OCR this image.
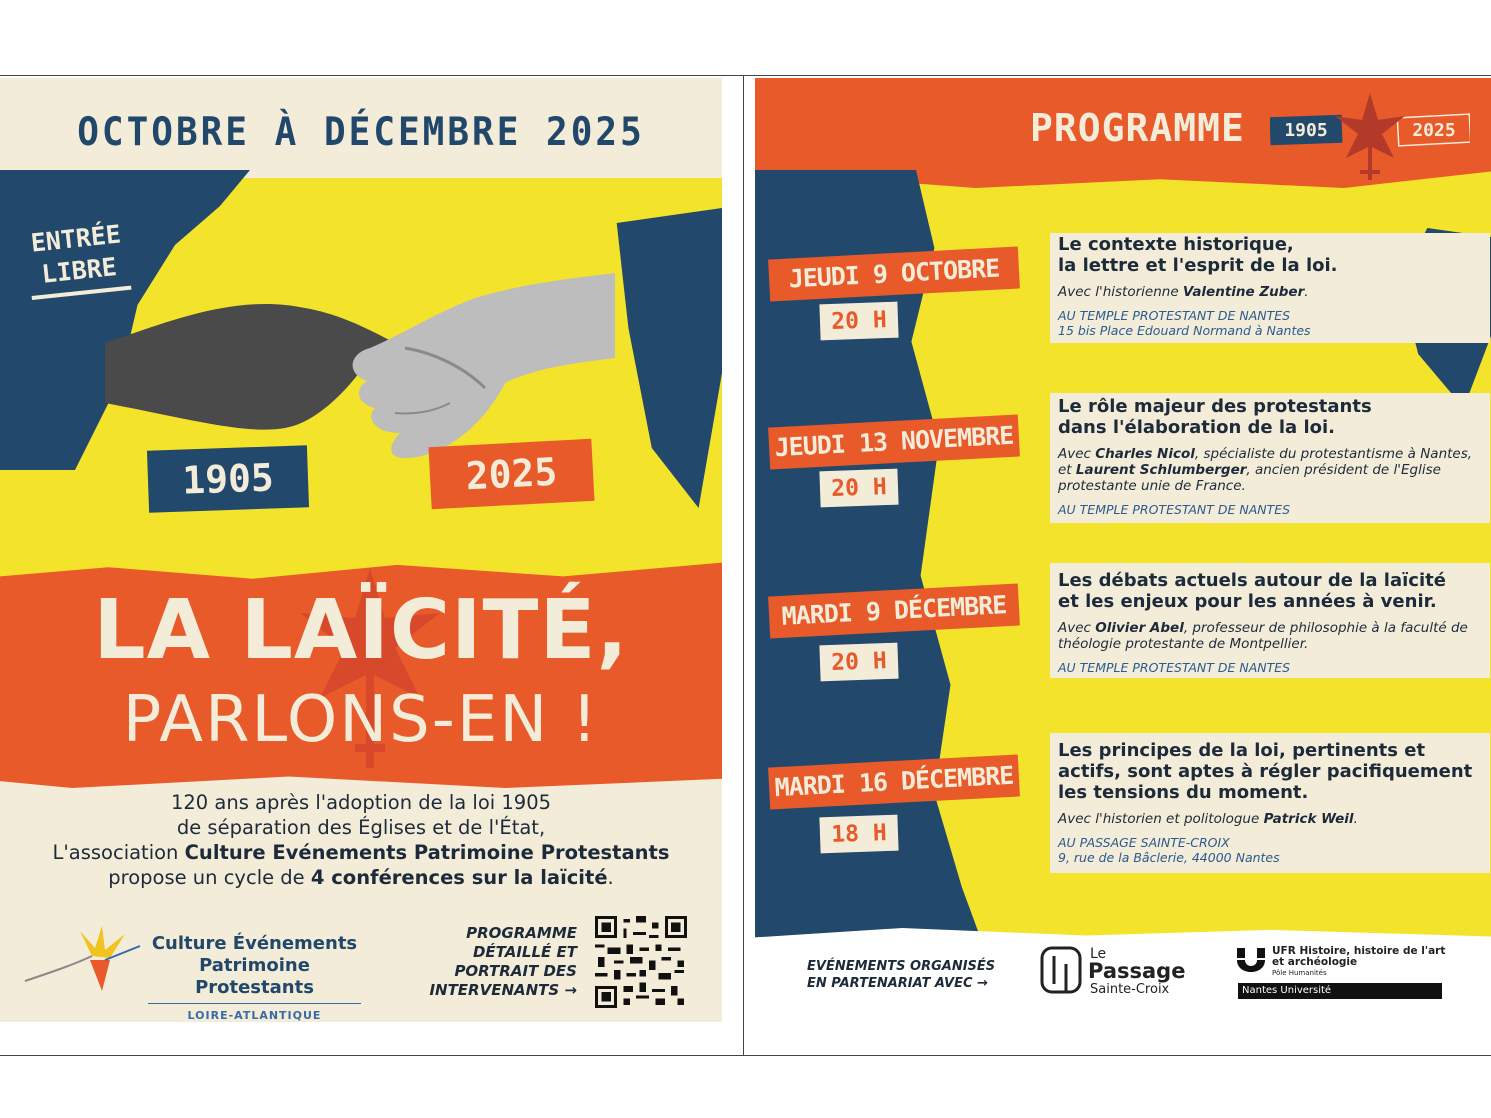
OCTOBRE À DÉCEMBRE 2025
ENTRÉE LIBRE
1905	2025
LA LAÏCITÉ,
PARLONS-EN !
120 ans après l'adoption de la loi 1905
de séparation des Églises et de l'État,
L'association Culture Evénements Patrimoine Protestants
propose un cycle de 4 conférences sur la laïcité.
Culture Événements
Patrimoine Protestants
LOIRE-ATLANTIQUE
PROGRAMME
DÉTAILLÉ ET
PORTRAIT DES
INTERVENANTS →
PROGRAMME 1905	2025
JEUDI 9 OCTOBRE
20 H
Le contexte historique,
la lettre et l'esprit de la loi.
Avec l'historienne Valentine Zuber.
AU TEMPLE PROTESTANT DE NANTES
15 bis Place Edouard Normand à Nantes
JEUDI 13 NOVEMBRE
20 H
Le rôle majeur des protestants
dans l'élaboration de la loi.
Avec Charles Nicol, spécialiste du protestantisme à Nantes, et Laurent Schlumberger, ancien président de l'Eglise protestante unie de France.
AU TEMPLE PROTESTANT DE NANTES
MARDI 9 DÉCEMBRE
20 H
Les débats actuels autour de la laïcité
et les enjeux pour les années à venir.
Avec Olivier Abel, professeur de philosophie à la faculté de théologie protestante de Montpellier.
AU TEMPLE PROTESTANT DE NANTES
MARDI 16 DÉCEMBRE
18 H
Les principes de la loi, pertinents et
actifs, sont aptes à régler pacifiquement
les tensions du moment.
Avec l'historien et politologue Patrick Weil.
AU PASSAGE SAINTE-CROIX
9, rue de la Bâclerie, 44000 Nantes
EVÉNEMENTS ORGANISÉS
EN PARTENARIAT AVEC →
Le
Passage
Sainte-Croix
UFR Histoire, histoire de l'art
et archéologie
Pôle Humanités
Nantes Université
